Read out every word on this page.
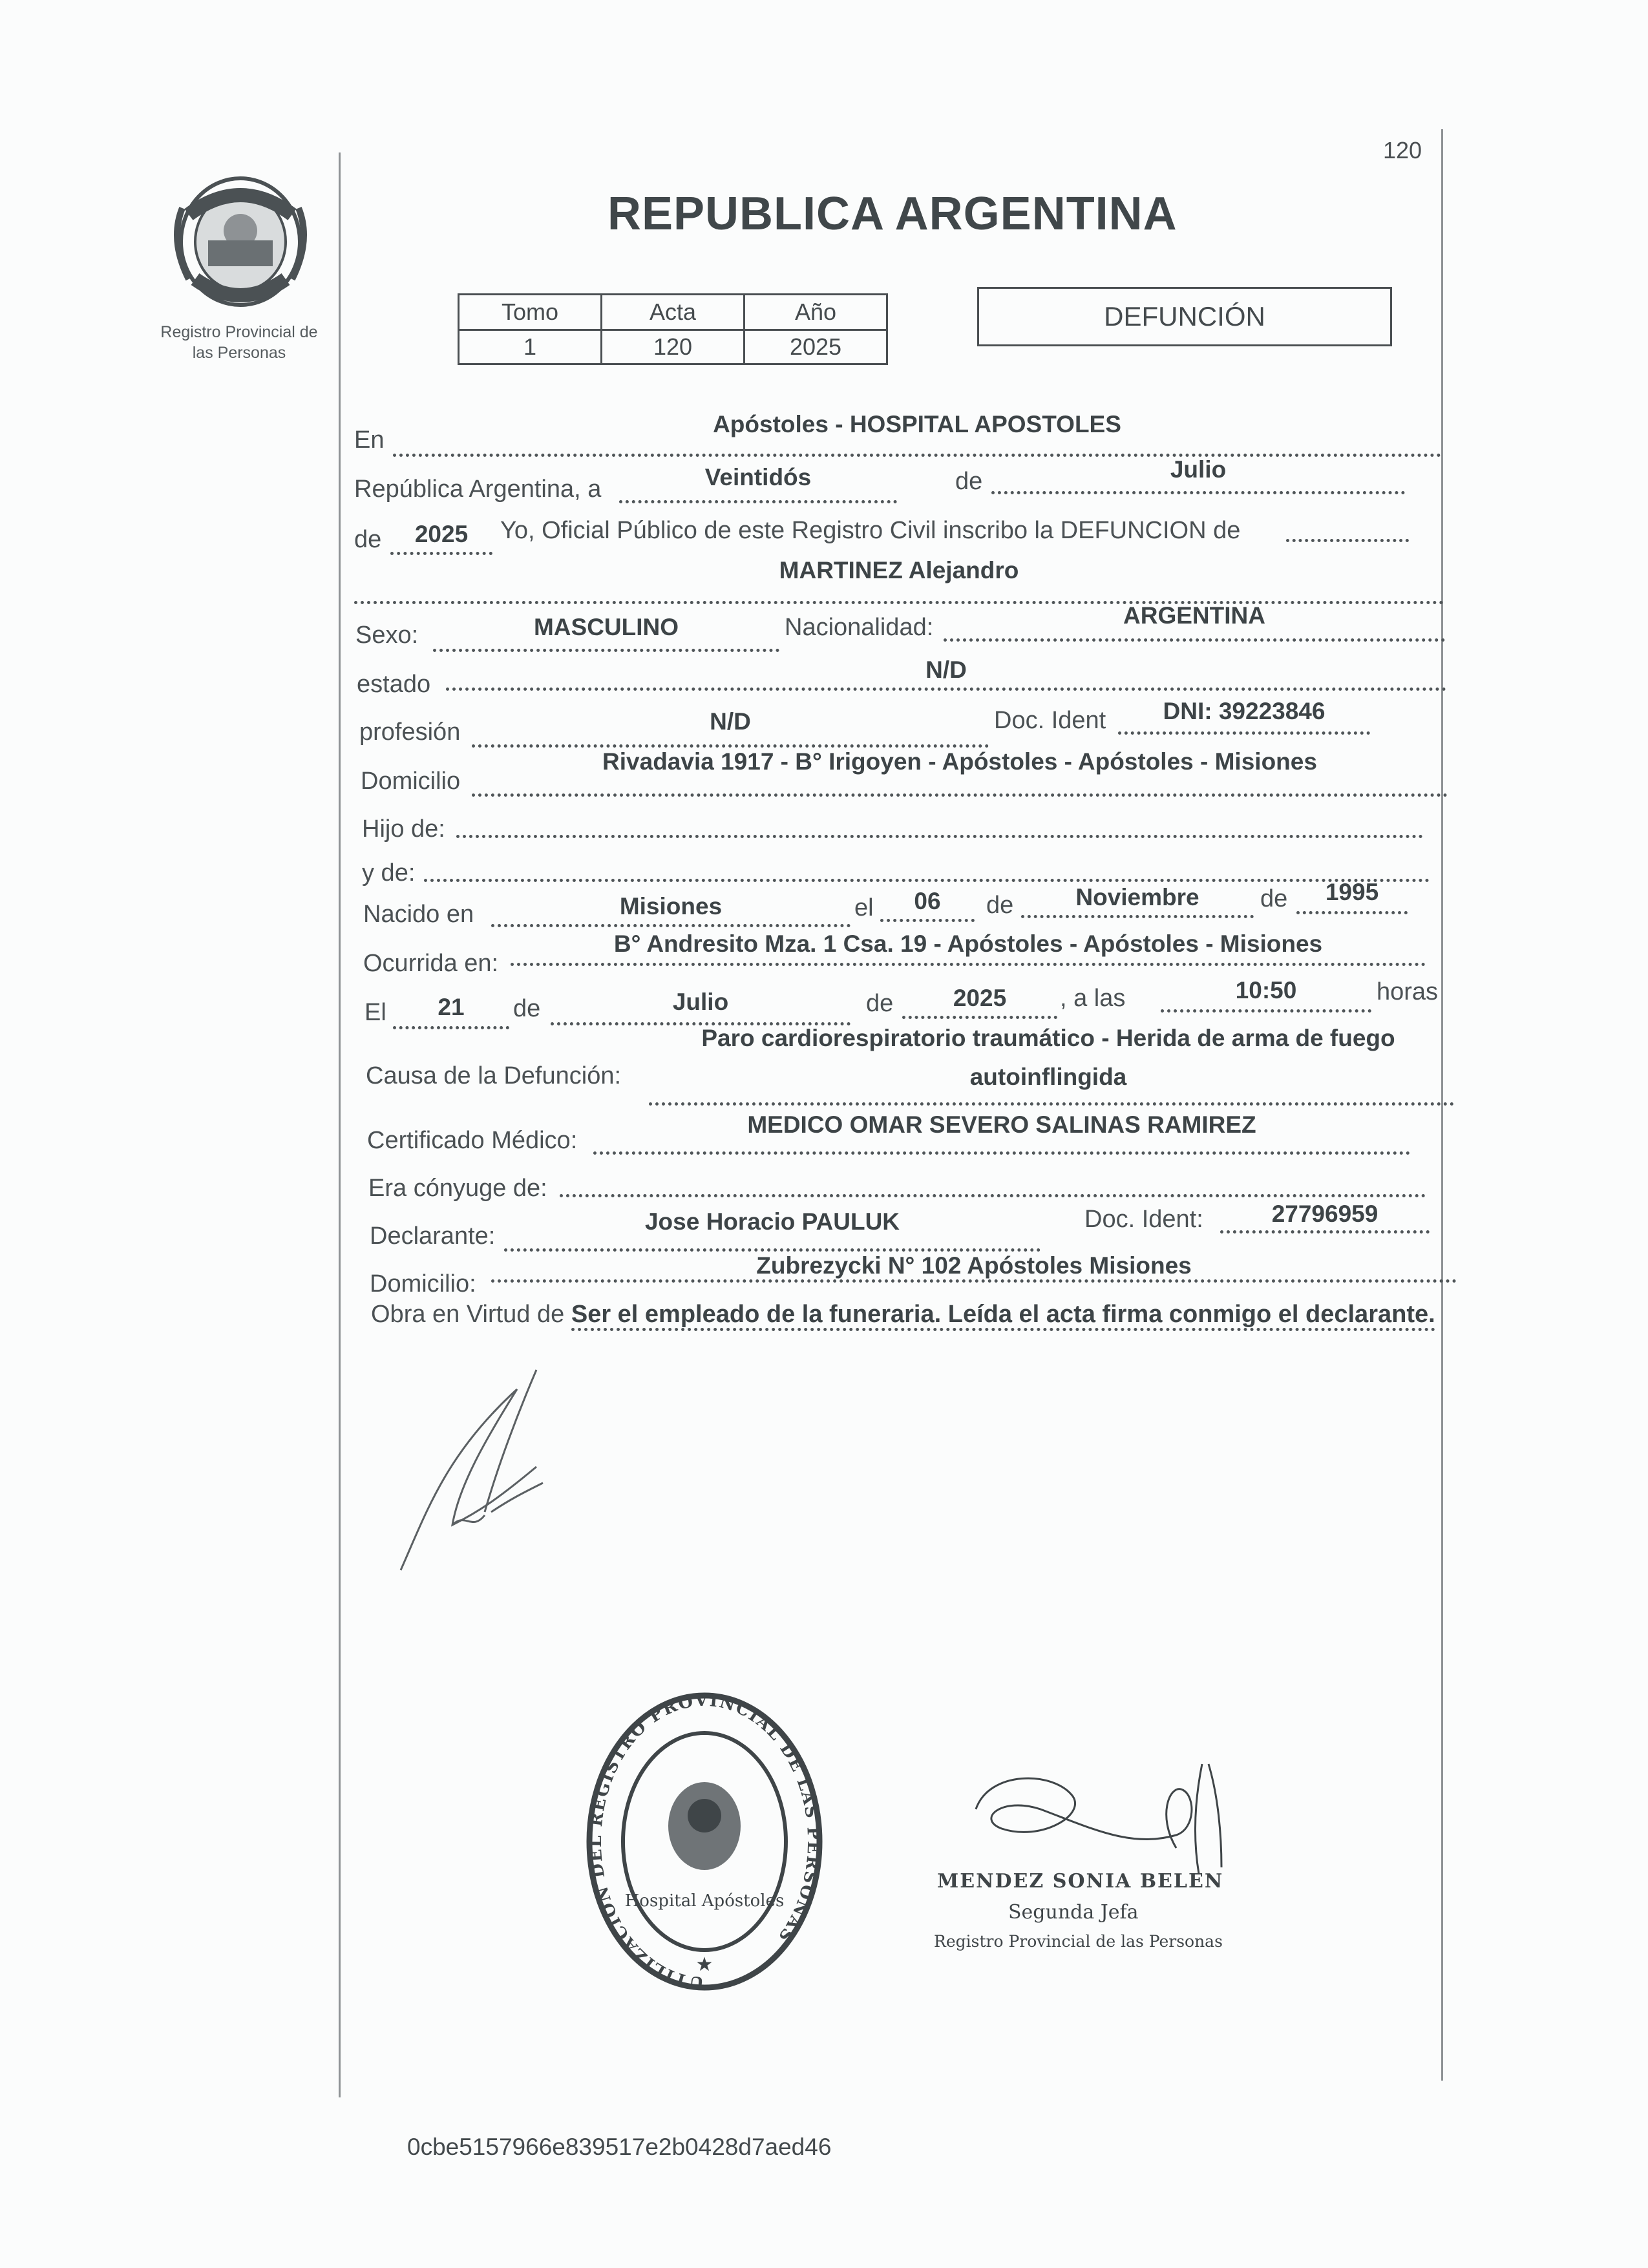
Registro Provincial de
las Personas
120
REPUBLICA ARGENTINA
Tomo	Acta	Año
1	120	2025
DEFUNCIÓN
En
Apóstoles - HOSPITAL APOSTOLES
República Argentina, a	Veintidós	de	Julio
de	2025	Yo, Oficial Público de este Registro Civil inscribo la DEFUNCION de
MARTINEZ Alejandro
Sexo:	MASCULINO	Nacionalidad:	ARGENTINA
estado
N/D
profesión	N/D	Doc. Ident	DNI: 39223846
Domicilio
Rivadavia 1917 - B° Irigoyen - Apóstoles - Apóstoles - Misiones
Hijo de:
y de:
Nacido en	Misiones	el	06	de	Noviembre	de	1995
Ocurrida en:
B° Andresito Mza. 1 Csa. 19 - Apóstoles - Apóstoles - Misiones
El	21	de	Julio	de	2025	, a las	10:50	horas
Causa de la Defunción:
Paro cardiorespiratorio traumático - Herida de arma de fuego
autoinflingida
Certificado Médico:
MEDICO OMAR SEVERO SALINAS RAMIREZ
Era cónyuge de:
Declarante:
Jose Horacio PAULUK	Doc. Ident:	27796959
Domicilio:
Zubrezycki N° 102 Apóstoles Misiones
Obra en Virtud de Ser el empleado de la funeraria. Leída el acta firma conmigo el declarante.
UTILIZACION DEL REGISTRO PROVINCIAL DE LAS PERSONAS
Hospital Apóstoles
★
MENDEZ SONIA BELEN
Segunda Jefa
Registro Provincial de las Personas
0cbe5157966e839517e2b0428d7aed46
